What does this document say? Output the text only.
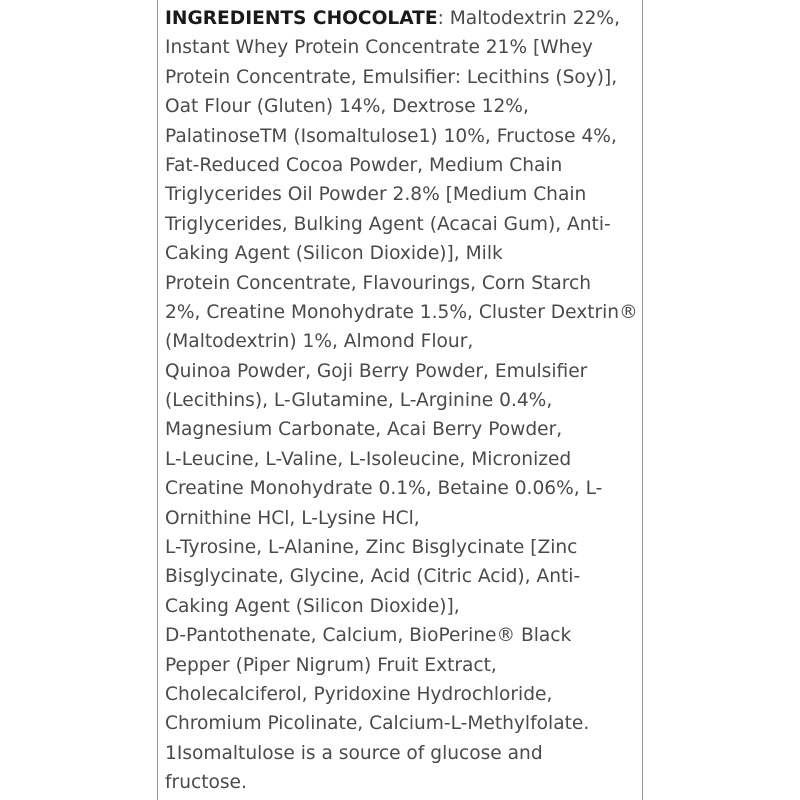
INGREDIENTS CHOCOLATE: Maltodextrin 22%,
Instant Whey Protein Concentrate 21% [Whey
Protein Concentrate, Emulsifier: Lecithins (Soy)],
Oat Flour (Gluten) 14%, Dextrose 12%,
PalatinoseTM (Isomaltulose1) 10%, Fructose 4%,
Fat-Reduced Cocoa Powder, Medium Chain
Triglycerides Oil Powder 2.8% [Medium Chain
Triglycerides, Bulking Agent (Acacai Gum), Anti-
Caking Agent (Silicon Dioxide)], Milk
Protein Concentrate, Flavourings, Corn Starch
2%, Creatine Monohydrate 1.5%, Cluster Dextrin®
(Maltodextrin) 1%, Almond Flour,
Quinoa Powder, Goji Berry Powder, Emulsifier
(Lecithins), L-Glutamine, L-Arginine 0.4%,
Magnesium Carbonate, Acai Berry Powder,
L-Leucine, L-Valine, L-Isoleucine, Micronized
Creatine Monohydrate 0.1%, Betaine 0.06%, L-
Ornithine HCl, L-Lysine HCl,
L-Tyrosine, L-Alanine, Zinc Bisglycinate [Zinc
Bisglycinate, Glycine, Acid (Citric Acid), Anti-
Caking Agent (Silicon Dioxide)],
D-Pantothenate, Calcium, BioPerine® Black
Pepper (Piper Nigrum) Fruit Extract,
Cholecalciferol, Pyridoxine Hydrochloride,
Chromium Picolinate, Calcium-L-Methylfolate.
1Isomaltulose is a source of glucose and
fructose.
